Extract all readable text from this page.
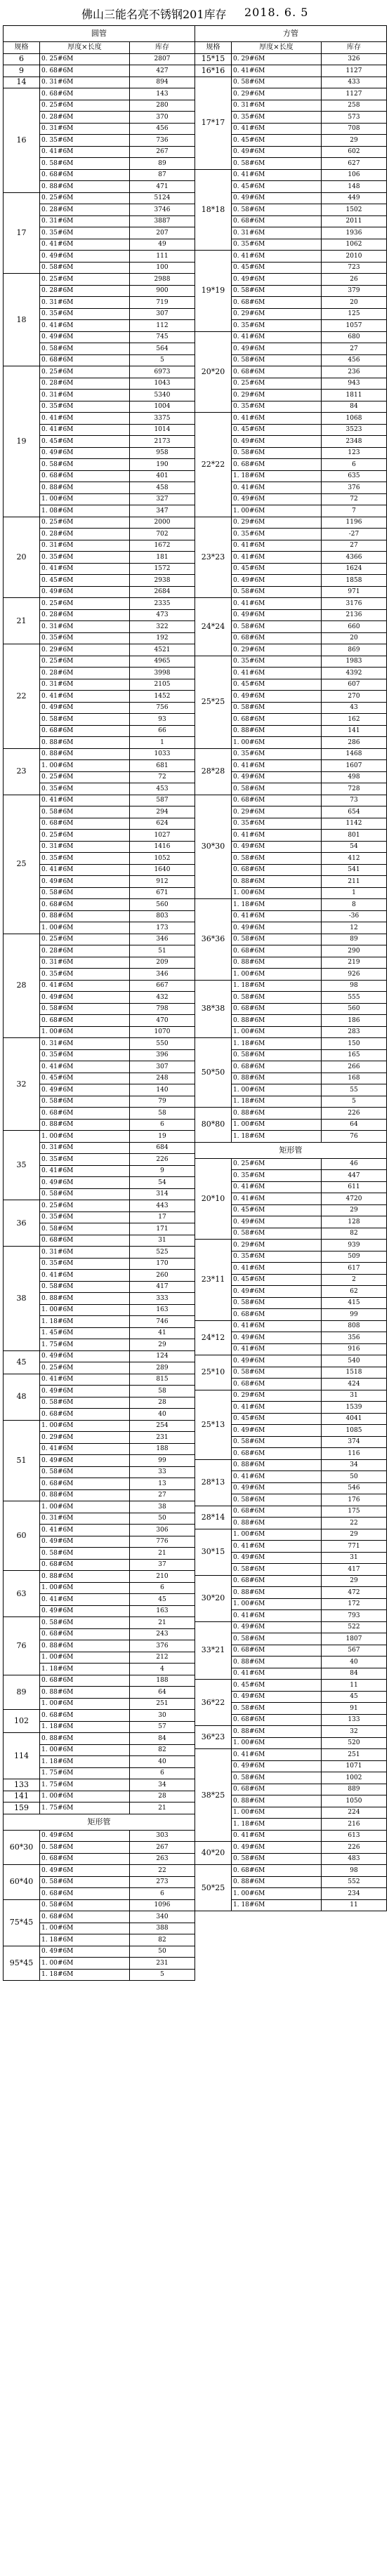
佛山三能名亮不锈钢201库存 2018. 6. 5
圆管		
规格	厚度×长度	库存
6	0. 25#6M	2807
9	0. 68#6M	427
14	0. 31#6M	894
16	0. 68#6M	143
	0. 25#6M	280
	0. 28#6M	370
	0. 31#6M	456
	0. 35#6M	736
	0. 41#6M	267
	0. 58#6M	89
	0. 68#6M	87
	0. 88#6M	471
17	0. 25#6M	5124
	0. 28#6M	3746
	0. 31#6M	3887
	0. 35#6M	207
	0. 41#6M	49
	0. 49#6M	111
	0. 58#6M	100
18	0. 25#6M	2988
	0. 28#6M	900
	0. 31#6M	719
	0. 35#6M	307
	0. 41#6M	112
	0. 49#6M	745
	0. 58#6M	564
	0. 68#6M	5
19	0. 25#6M	6973
	0. 28#6M	1043
	0. 31#6M	5340
	0. 35#6M	1004
	0. 41#6M	3375
	0. 41#6M	1014
	0. 45#6M	2173
	0. 49#6M	958
	0. 58#6M	190
	0. 68#6M	401
	0. 88#6M	458
	1. 00#6M	327
	1. 08#6M	347
20	0. 25#6M	2000
	0. 28#6M	702
	0. 31#6M	1672
	0. 35#6M	181
	0. 41#6M	1572
	0. 45#6M	2938
	0. 49#6M	2684
21	0. 25#6M	2335
	0. 28#6M	473
	0. 31#6M	322
	0. 35#6M	192
22	0. 29#6M	4521
	0. 25#6M	4965
	0. 28#6M	3998
	0. 31#6M	2105
	0. 41#6M	1452
	0. 49#6M	756
	0. 58#6M	93
	0. 68#6M	66
	0. 88#6M	1
23	0. 88#6M	1033
	1. 00#6M	681
	0. 25#6M	72
	0. 35#6M	453
25	0. 41#6M	587
	0. 58#6M	294
	0. 68#6M	624
	0. 25#6M	1027
	0. 31#6M	1416
	0. 35#6M	1052
	0. 41#6M	1640
	0. 49#6M	912
	0. 58#6M	671
	0. 68#6M	560
	0. 88#6M	803
	1. 00#6M	173
28	0. 25#6M	346
	0. 28#6M	51
	0. 31#6M	209
	0. 35#6M	346
	0. 41#6M	667
	0. 49#6M	432
	0. 58#6M	798
	0. 68#6M	470
	1. 00#6M	1070
32	0. 31#6M	550
	0. 35#6M	396
	0. 41#6M	307
	0. 45#6M	248
	0. 49#6M	140
	0. 58#6M	79
	0. 68#6M	58
	0. 88#6M	6
35	1. 00#6M	19
	0. 31#6M	684
	0. 35#6M	226
	0. 41#6M	9
	0. 49#6M	54
	0. 58#6M	314
36	0. 25#6M	443
	0. 35#6M	17
	0. 58#6M	171
	0. 68#6M	31
38	0. 31#6M	525
	0. 35#6M	170
	0. 41#6M	260
	0. 58#6M	417
	0. 88#6M	333
	1. 00#6M	163
	1. 18#6M	746
	1. 45#6M	41
	1. 75#6M	29
45	0. 49#6M	124
	0. 25#6M	289
48	0. 41#6M	815
	0. 49#6M	58
	0. 58#6M	28
	0. 68#6M	40
51	1. 00#6M	254
	0. 29#6M	231
	0. 41#6M	188
	0. 49#6M	99
	0. 58#6M	33
	0. 68#6M	13
	0. 88#6M	27
60	1. 00#6M	38
	0. 31#6M	50
	0. 41#6M	306
	0. 49#6M	776
	0. 58#6M	21
	0. 68#6M	37
63	0. 88#6M	210
	1. 00#6M	6
	0. 41#6M	45
	0. 49#6M	163
76	0. 58#6M	21
	0. 68#6M	243
	0. 88#6M	376
	1. 00#6M	212
	1. 18#6M	4
89	0. 68#6M	188
	0. 88#6M	64
	1. 00#6M	251
102	0. 68#6M	30
	1. 18#6M	57
114	0. 88#6M	84
	1. 00#6M	82
	1. 18#6M	40
	1. 75#6M	6
133	1. 75#6M	34
141	1. 00#6M	28
159	1. 75#6M	21
矩形管		
60*30	0. 49#6M	303
	0. 58#6M	267
	0. 68#6M	263
60*40	0. 49#6M	22
	0. 58#6M	273
	0. 68#6M	6
75*45	0. 58#6M	1096
	0. 68#6M	340
	1. 00#6M	388
	1. 18#6M	82
95*45	0. 49#6M	50
	1. 00#6M	231
	1. 18#6M	5
方管		
规格	厚度×长度	库存
15*15	0. 29#6M	326
16*16	0. 41#6M	1127
17*17	0. 58#6M	433
	0. 29#6M	1127
	0. 31#6M	258
	0. 35#6M	573
	0. 41#6M	708
	0. 45#6M	29
	0. 49#6M	602
	0. 58#6M	627
18*18	0. 41#6M	106
	0. 45#6M	148
	0. 49#6M	449
	0. 58#6M	1502
	0. 68#6M	2011
	0. 31#6M	1936
	0. 35#6M	1062
19*19	0. 41#6M	2010
	0. 45#6M	723
	0. 49#6M	26
	0. 58#6M	379
	0. 68#6M	20
	0. 29#6M	125
	0. 35#6M	1057
20*20	0. 41#6M	680
	0. 49#6M	27
	0. 58#6M	456
	0. 68#6M	236
	0. 25#6M	943
	0. 29#6M	1811
	0. 35#6M	84
22*22	0. 41#6M	1068
	0. 45#6M	3523
	0. 49#6M	2348
	0. 58#6M	123
	0. 68#6M	6
	1. 18#6M	635
	0. 41#6M	376
	0. 49#6M	72
	1. 00#6M	7
23*23	0. 29#6M	1196
	0. 35#6M	-27
	0. 41#6M	27
	0. 41#6M	4366
	0. 45#6M	1624
	0. 49#6M	1858
	0. 58#6M	971
24*24	0. 41#6M	3176
	0. 49#6M	2136
	0. 58#6M	660
	0. 68#6M	20
	0. 29#6M	869
25*25	0. 35#6M	1983
	0. 41#6M	4392
	0. 45#6M	607
	0. 49#6M	270
	0. 58#6M	43
	0. 68#6M	162
	0. 88#6M	141
	1. 00#6M	286
28*28	0. 35#6M	1468
	0. 41#6M	1607
	0. 49#6M	498
	0. 58#6M	728
30*30	0. 68#6M	73
	0. 29#6M	654
	0. 35#6M	1142
	0. 41#6M	801
	0. 49#6M	54
	0. 58#6M	412
	0. 68#6M	541
	0. 88#6M	211
	1. 00#6M	1
36*36	1. 18#6M	8
	0. 41#6M	-36
	0. 49#6M	12
	0. 58#6M	89
	0. 68#6M	290
	0. 88#6M	219
	1. 00#6M	926
38*38	1. 18#6M	98
	0. 58#6M	555
	0. 68#6M	560
	0. 88#6M	186
	1. 00#6M	283
50*50	1. 18#6M	150
	0. 58#6M	165
	0. 68#6M	266
	0. 88#6M	168
	1. 00#6M	55
	1. 18#6M	5
80*80	0. 88#6M	226
	1. 00#6M	64
	1. 18#6M	76
矩形管		
20*10	0. 25#6M	46
	0. 35#6M	447
	0. 41#6M	611
	0. 41#6M	4720
	0. 45#6M	29
	0. 49#6M	128
	0. 58#6M	82
23*11	0. 29#6M	939
	0. 35#6M	509
	0. 41#6M	617
	0. 45#6M	2
	0. 49#6M	62
	0. 58#6M	415
	0. 68#6M	99
24*12	0. 41#6M	808
	0. 49#6M	356
	0. 41#6M	916
25*10	0. 49#6M	540
	0. 58#6M	1518
	0. 68#6M	424
25*13	0. 29#6M	31
	0. 41#6M	1539
	0. 45#6M	4041
	0. 49#6M	1085
	0. 58#6M	374
	0. 68#6M	116
28*13	0. 88#6M	34
	0. 41#6M	50
	0. 49#6M	546
	0. 58#6M	176
28*14	0. 68#6M	175
	0. 88#6M	22
30*15	1. 00#6M	29
	0. 41#6M	771
	0. 49#6M	31
	0. 58#6M	417
30*20	0. 68#6M	29
	0. 88#6M	472
	1. 00#6M	172
	0. 41#6M	793
33*21	0. 49#6M	522
	0. 58#6M	1807
	0. 68#6M	567
	0. 88#6M	40
	0. 41#6M	84
36*22	0. 45#6M	11
	0. 49#6M	45
	0. 58#6M	91
	0. 68#6M	133
36*23	0. 88#6M	32
	1. 00#6M	520
38*25	0. 41#6M	251
	0. 49#6M	1071
	0. 58#6M	1002
	0. 68#6M	889
	0. 88#6M	1050
	1. 00#6M	224
	1. 18#6M	216
	0. 41#6M	613
40*20	0. 49#6M	226
	0. 58#6M	483
50*25	0. 68#6M	98
	0. 88#6M	552
	1. 00#6M	234
	1. 18#6M	11
